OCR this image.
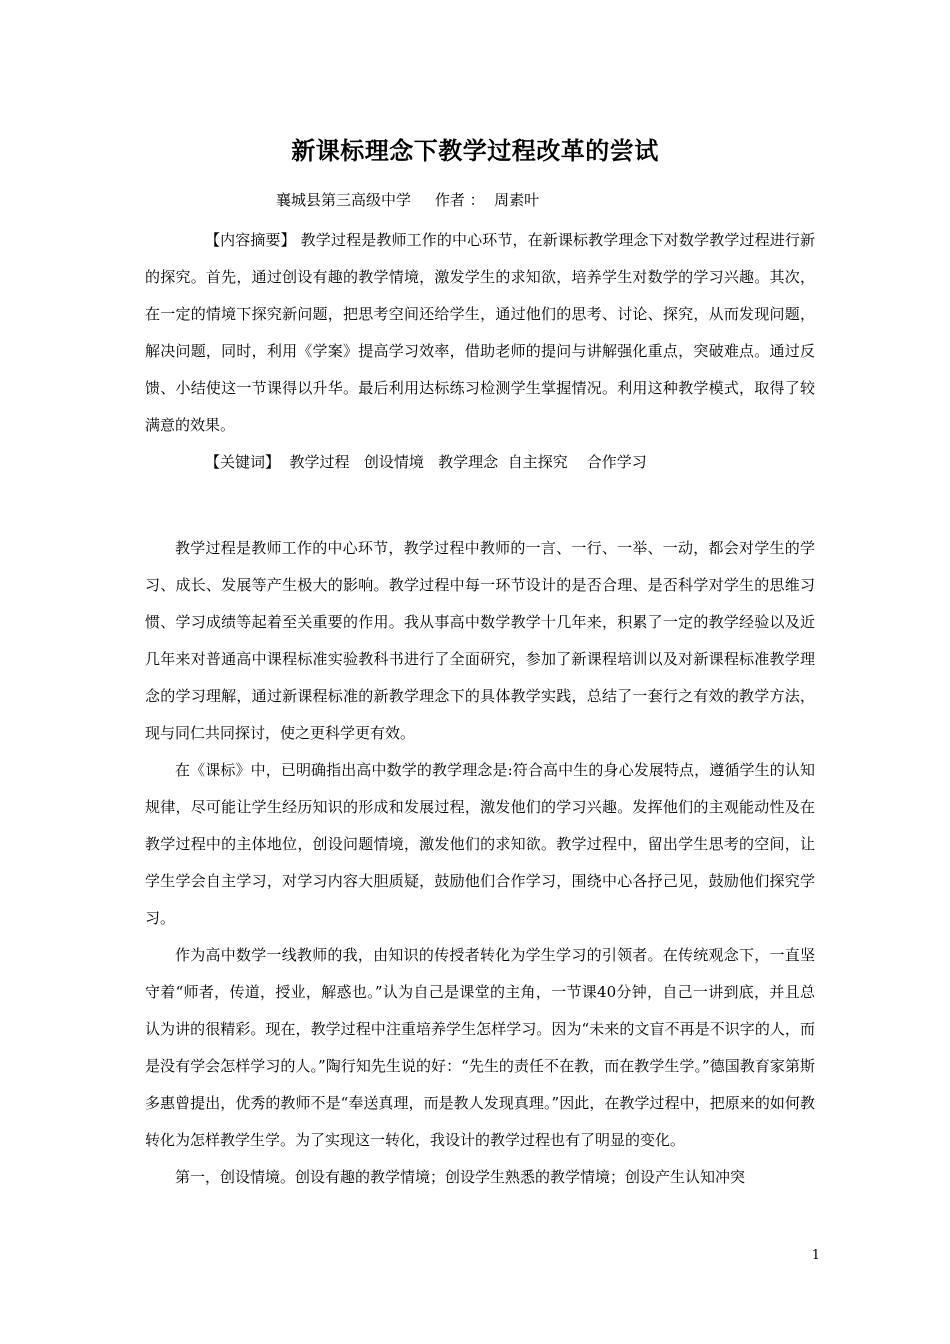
新课标理念下教学过程改革的尝试
襄城县第三高级中学     作者 ：  周素叶

【内容摘要】 教学过程是教师工作的中心环节，在新课标教学理念下对数学教学过程进行新的探究。首先，通过创设有趣的教学情境，激发学生的求知欲，培养学生对数学的学习兴趣。其次，在一定的情境下探究新问题，把思考空间还给学生，通过他们的思考、讨论、探究，从而发现问题，解决问题，同时，利用《学案》提高学习效率，借助老师的提问与讲解强化重点，突破难点。通过反馈、小结使这一节课得以升华。最后利用达标练习检测学生掌握情况。利用这种教学模式，取得了较满意的效果。

【关键词】  教学过程   创设情境   教学理念  自主探究    合作学习

教学过程是教师工作的中心环节，教学过程中教师的一言、一行、一举、一动，都会对学生的学习、成长、发展等产生极大的影响。教学过程中每一环节设计的是否合理、是否科学对学生的思维习惯、学习成绩等起着至关重要的作用。我从事高中数学教学十几年来，积累了一定的教学经验以及近几年来对普通高中课程标准实验教科书进行了全面研究，参加了新课程培训以及对新课程标准教学理念的学习理解，通过新课程标准的新教学理念下的具体教学实践，总结了一套行之有效的教学方法，现与同仁共同探讨，使之更科学更有效。

在《课标》中，已明确指出高中数学的教学理念是:符合高中生的身心发展特点，遵循学生的认知规律，尽可能让学生经历知识的形成和发展过程，激发他们的学习兴趣。发挥他们的主观能动性及在教学过程中的主体地位，创设问题情境，激发他们的求知欲。教学过程中，留出学生思考的空间，让学生学会自主学习，对学习内容大胆质疑，鼓励他们合作学习，围绕中心各抒己见，鼓励他们探究学习。

作为高中数学一线教师的我，由知识的传授者转化为学生学习的引领者。在传统观念下，一直坚守着“师者，传道，授业，解惑也。”认为自己是课堂的主角，一节课40分钟，自己一讲到底，并且总认为讲的很精彩。现在，教学过程中注重培养学生怎样学习。因为“未来的文盲不再是不识字的人，而是没有学会怎样学习的人。”陶行知先生说的好：“先生的责任不在教，而在教学生学。”德国教育家第斯多惠曾提出，优秀的教师不是“奉送真理，而是教人发现真理。”因此，在教学过程中，把原来的如何教转化为怎样教学生学。为了实现这一转化，我设计的教学过程也有了明显的变化。

第一，创设情境。创设有趣的教学情境；创设学生熟悉的教学情境；创设产生认知冲突

1
